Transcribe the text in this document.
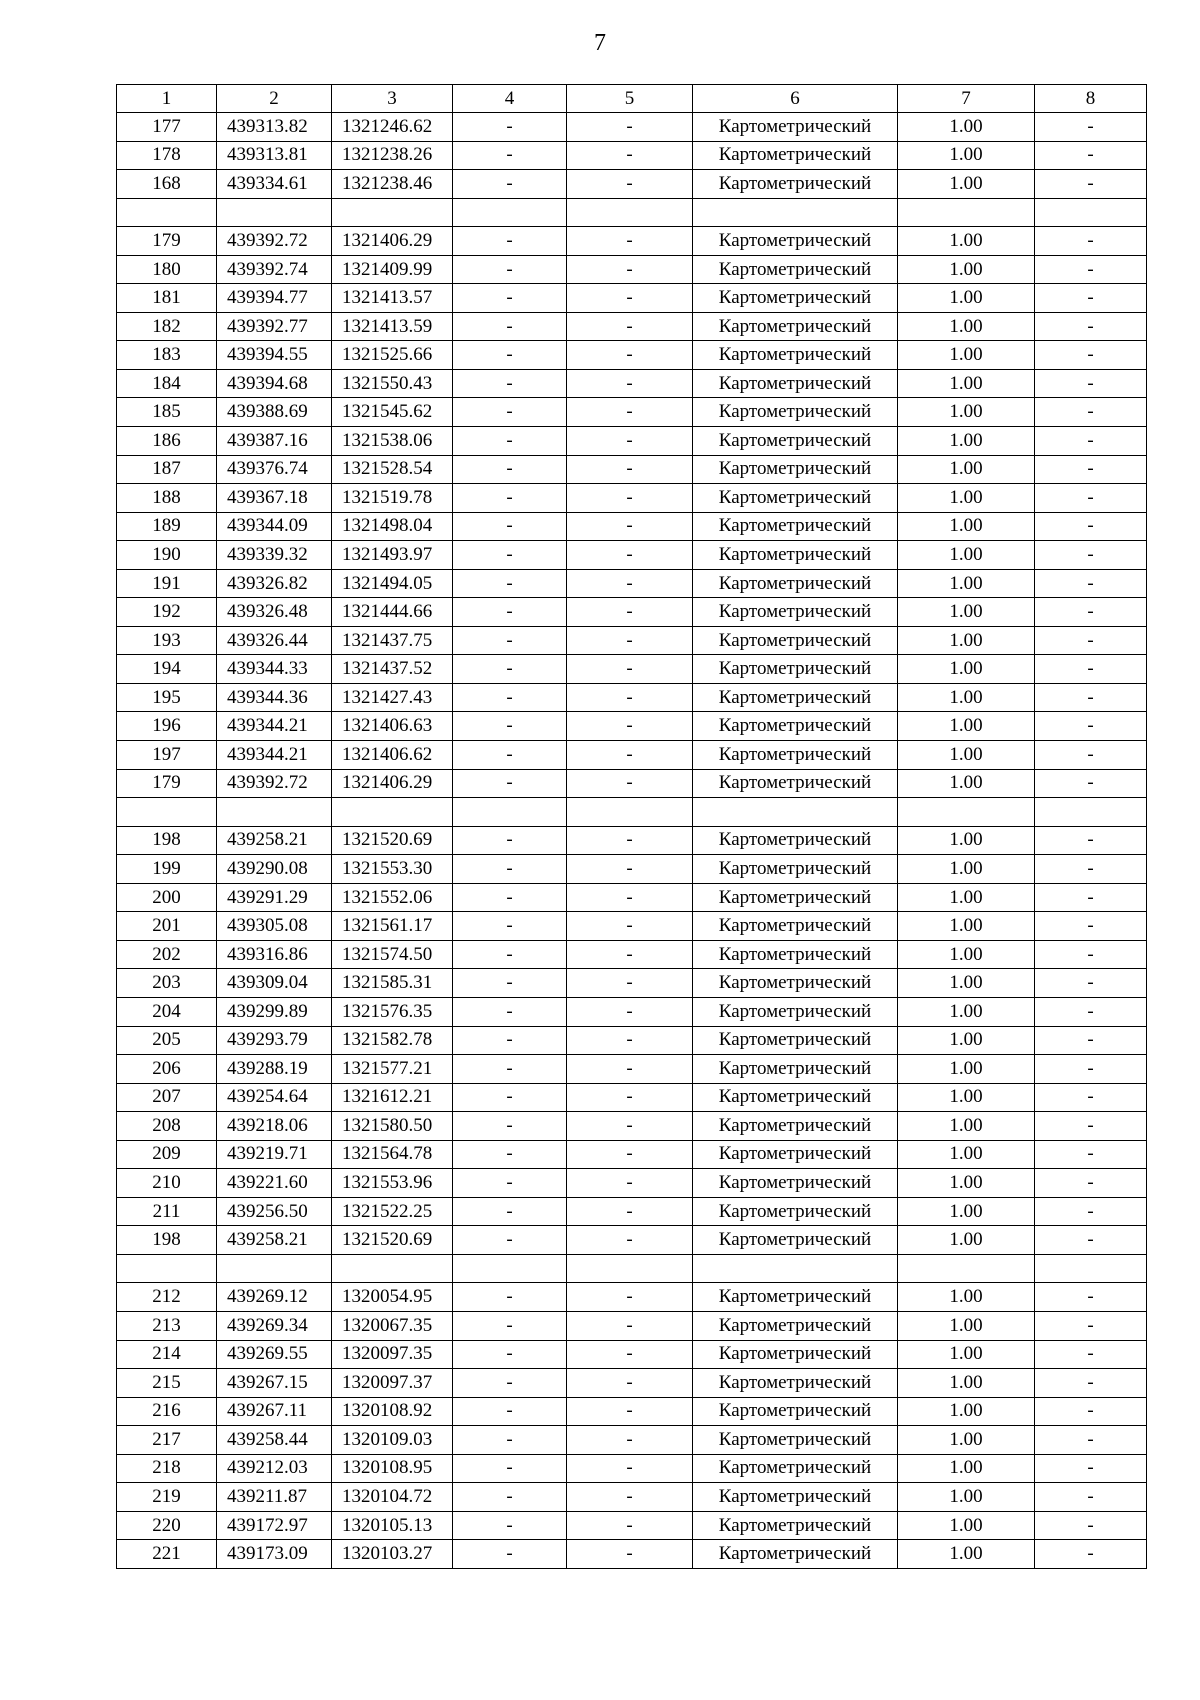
7
1	2	3	4	5	6	7	8
177	439313.82	1321246.62	-	-	Картометрический	1.00	-
178	439313.81	1321238.26	-	-	Картометрический	1.00	-
168	439334.61	1321238.46	-	-	Картометрический	1.00	-

179	439392.72	1321406.29	-	-	Картометрический	1.00	-
180	439392.74	1321409.99	-	-	Картометрический	1.00	-
181	439394.77	1321413.57	-	-	Картометрический	1.00	-
182	439392.77	1321413.59	-	-	Картометрический	1.00	-
183	439394.55	1321525.66	-	-	Картометрический	1.00	-
184	439394.68	1321550.43	-	-	Картометрический	1.00	-
185	439388.69	1321545.62	-	-	Картометрический	1.00	-
186	439387.16	1321538.06	-	-	Картометрический	1.00	-
187	439376.74	1321528.54	-	-	Картометрический	1.00	-
188	439367.18	1321519.78	-	-	Картометрический	1.00	-
189	439344.09	1321498.04	-	-	Картометрический	1.00	-
190	439339.32	1321493.97	-	-	Картометрический	1.00	-
191	439326.82	1321494.05	-	-	Картометрический	1.00	-
192	439326.48	1321444.66	-	-	Картометрический	1.00	-
193	439326.44	1321437.75	-	-	Картометрический	1.00	-
194	439344.33	1321437.52	-	-	Картометрический	1.00	-
195	439344.36	1321427.43	-	-	Картометрический	1.00	-
196	439344.21	1321406.63	-	-	Картометрический	1.00	-
197	439344.21	1321406.62	-	-	Картометрический	1.00	-
179	439392.72	1321406.29	-	-	Картометрический	1.00	-

198	439258.21	1321520.69	-	-	Картометрический	1.00	-
199	439290.08	1321553.30	-	-	Картометрический	1.00	-
200	439291.29	1321552.06	-	-	Картометрический	1.00	-
201	439305.08	1321561.17	-	-	Картометрический	1.00	-
202	439316.86	1321574.50	-	-	Картометрический	1.00	-
203	439309.04	1321585.31	-	-	Картометрический	1.00	-
204	439299.89	1321576.35	-	-	Картометрический	1.00	-
205	439293.79	1321582.78	-	-	Картометрический	1.00	-
206	439288.19	1321577.21	-	-	Картометрический	1.00	-
207	439254.64	1321612.21	-	-	Картометрический	1.00	-
208	439218.06	1321580.50	-	-	Картометрический	1.00	-
209	439219.71	1321564.78	-	-	Картометрический	1.00	-
210	439221.60	1321553.96	-	-	Картометрический	1.00	-
211	439256.50	1321522.25	-	-	Картометрический	1.00	-
198	439258.21	1321520.69	-	-	Картометрический	1.00	-

212	439269.12	1320054.95	-	-	Картометрический	1.00	-
213	439269.34	1320067.35	-	-	Картометрический	1.00	-
214	439269.55	1320097.35	-	-	Картометрический	1.00	-
215	439267.15	1320097.37	-	-	Картометрический	1.00	-
216	439267.11	1320108.92	-	-	Картометрический	1.00	-
217	439258.44	1320109.03	-	-	Картометрический	1.00	-
218	439212.03	1320108.95	-	-	Картометрический	1.00	-
219	439211.87	1320104.72	-	-	Картометрический	1.00	-
220	439172.97	1320105.13	-	-	Картометрический	1.00	-
221	439173.09	1320103.27	-	-	Картометрический	1.00	-
